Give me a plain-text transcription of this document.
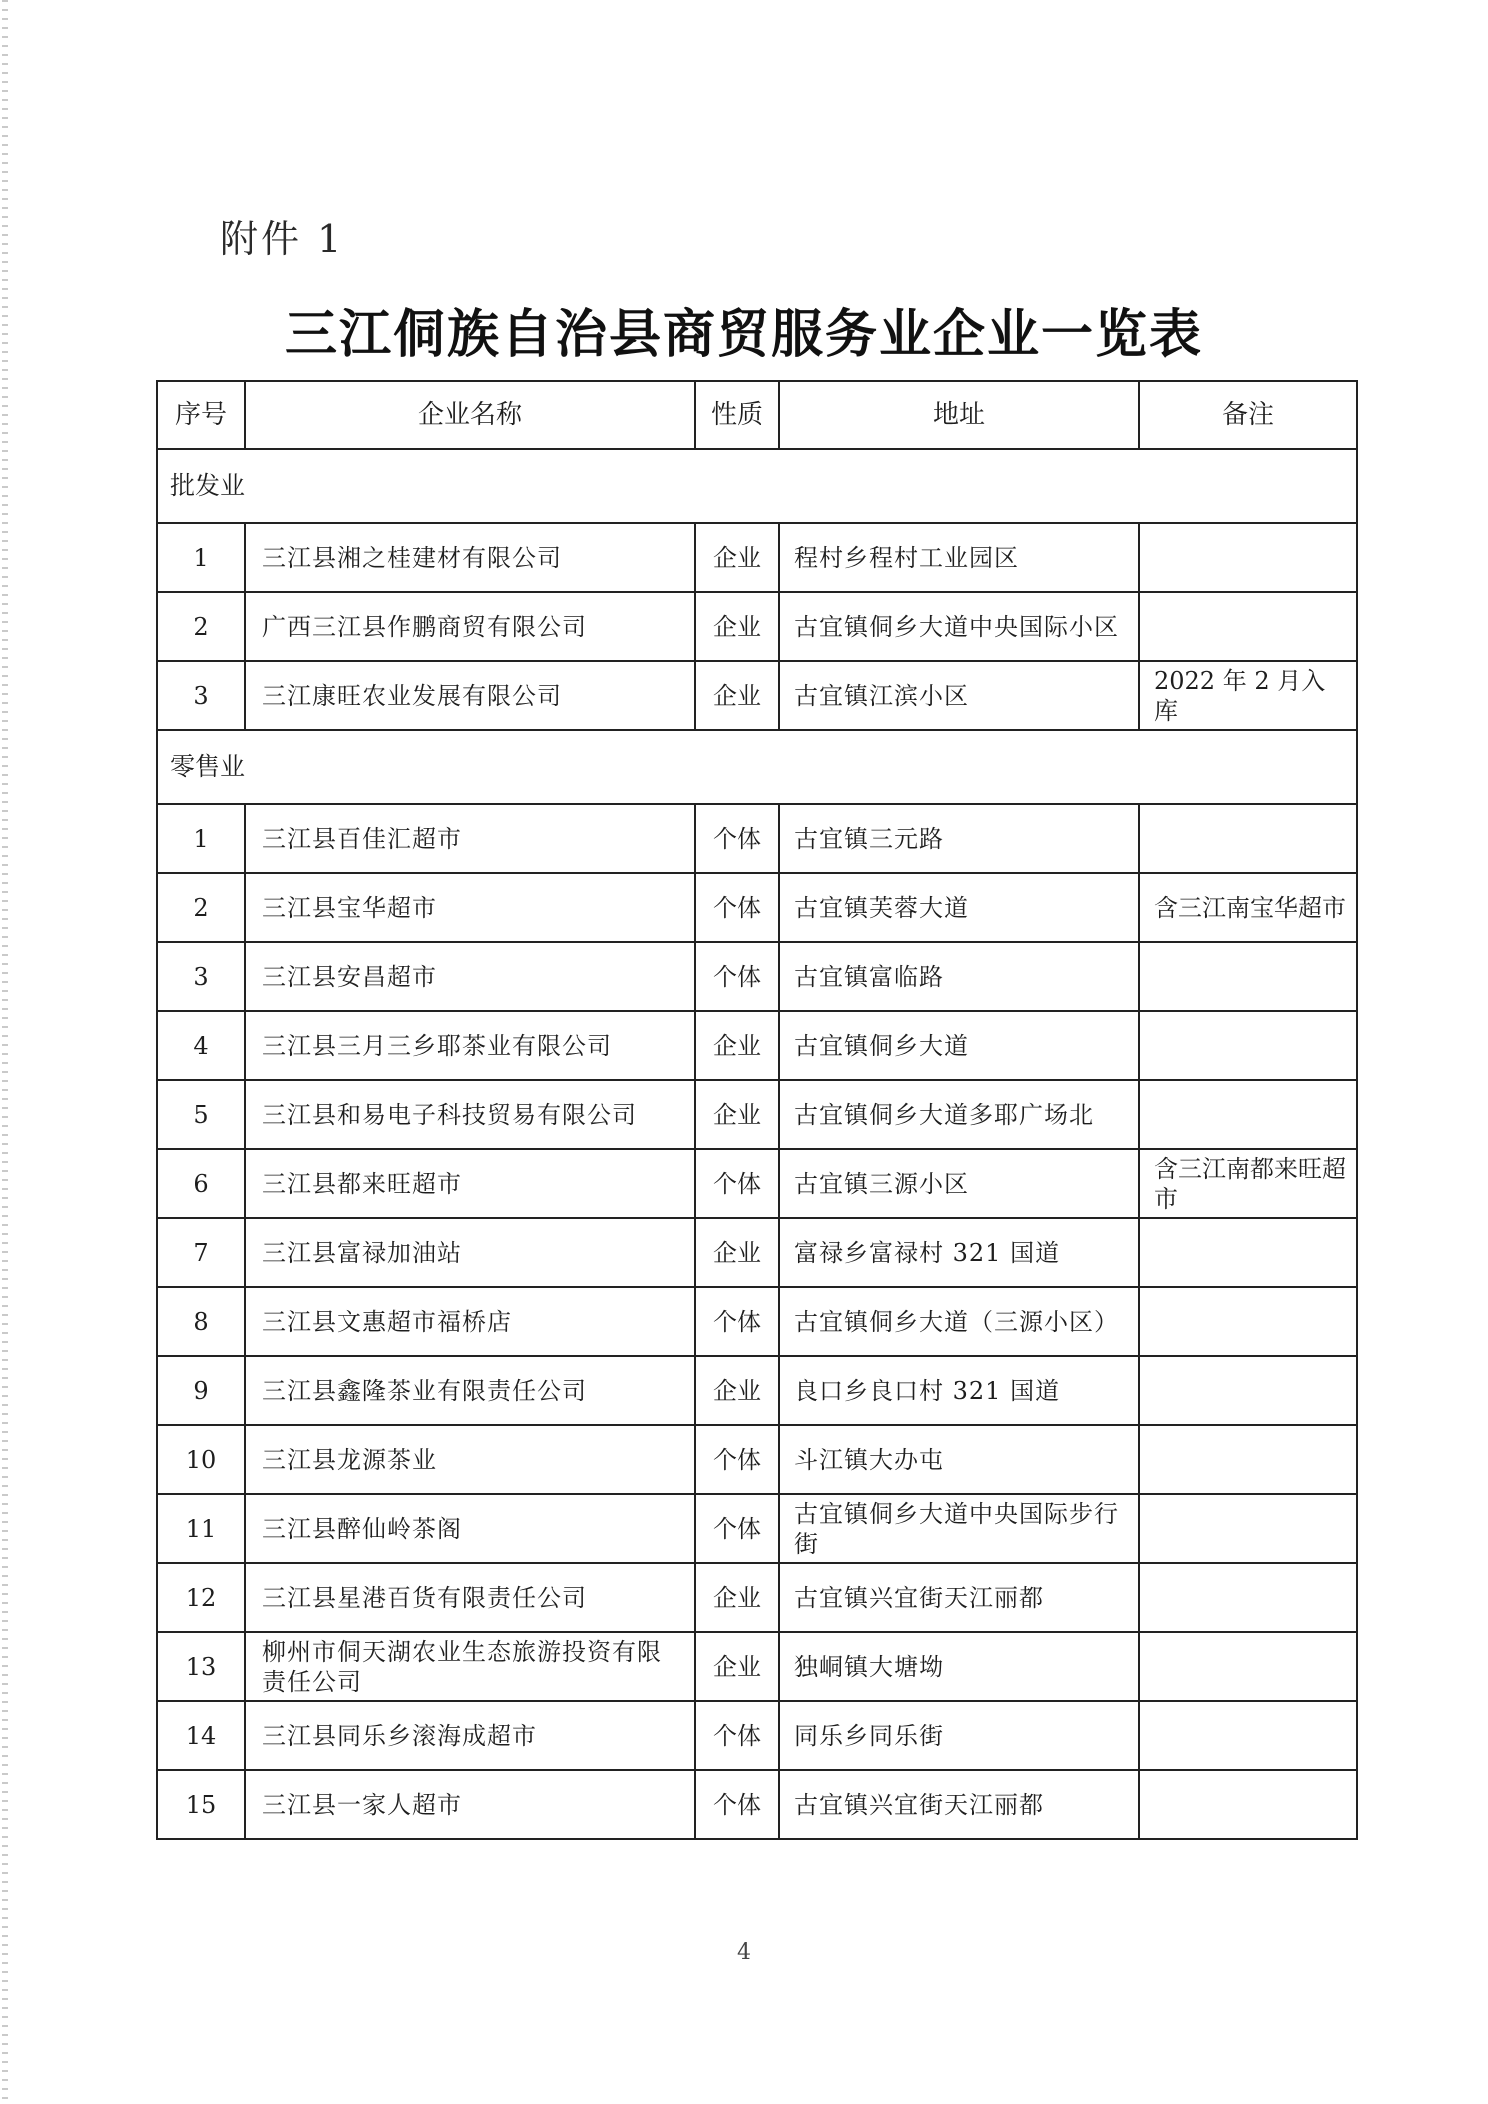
附件 1
三江侗族自治县商贸服务业企业一览表
序号	企业名称	性质	地址	备注
批发业				
1	三江县湘之桂建材有限公司	企业	程村乡程村工业园区	
2	广西三江县作鹏商贸有限公司	企业	古宜镇侗乡大道中央国际小区	
3	三江康旺农业发展有限公司	企业	古宜镇江滨小区	2022 年 2 月入库
零售业				
1	三江县百佳汇超市	个体	古宜镇三元路	
2	三江县宝华超市	个体	古宜镇芙蓉大道	含三江南宝华超市
3	三江县安昌超市	个体	古宜镇富临路	
4	三江县三月三乡耶茶业有限公司	企业	古宜镇侗乡大道	
5	三江县和易电子科技贸易有限公司	企业	古宜镇侗乡大道多耶广场北	
6	三江县都来旺超市	个体	古宜镇三源小区	含三江南都来旺超市
7	三江县富禄加油站	企业	富禄乡富禄村 321 国道	
8	三江县文惠超市福桥店	个体	古宜镇侗乡大道（三源小区）	
9	三江县鑫隆茶业有限责任公司	企业	良口乡良口村 321 国道	
10	三江县龙源茶业	个体	斗江镇大办屯	
11	三江县醉仙岭茶阁	个体	古宜镇侗乡大道中央国际步行街	
12	三江县星港百货有限责任公司	企业	古宜镇兴宜街天江丽都	
13	柳州市侗天湖农业生态旅游投资有限责任公司	企业	独峒镇大塘坳	
14	三江县同乐乡滚海成超市	个体	同乐乡同乐街	
15	三江县一家人超市	个体	古宜镇兴宜街天江丽都	
4
